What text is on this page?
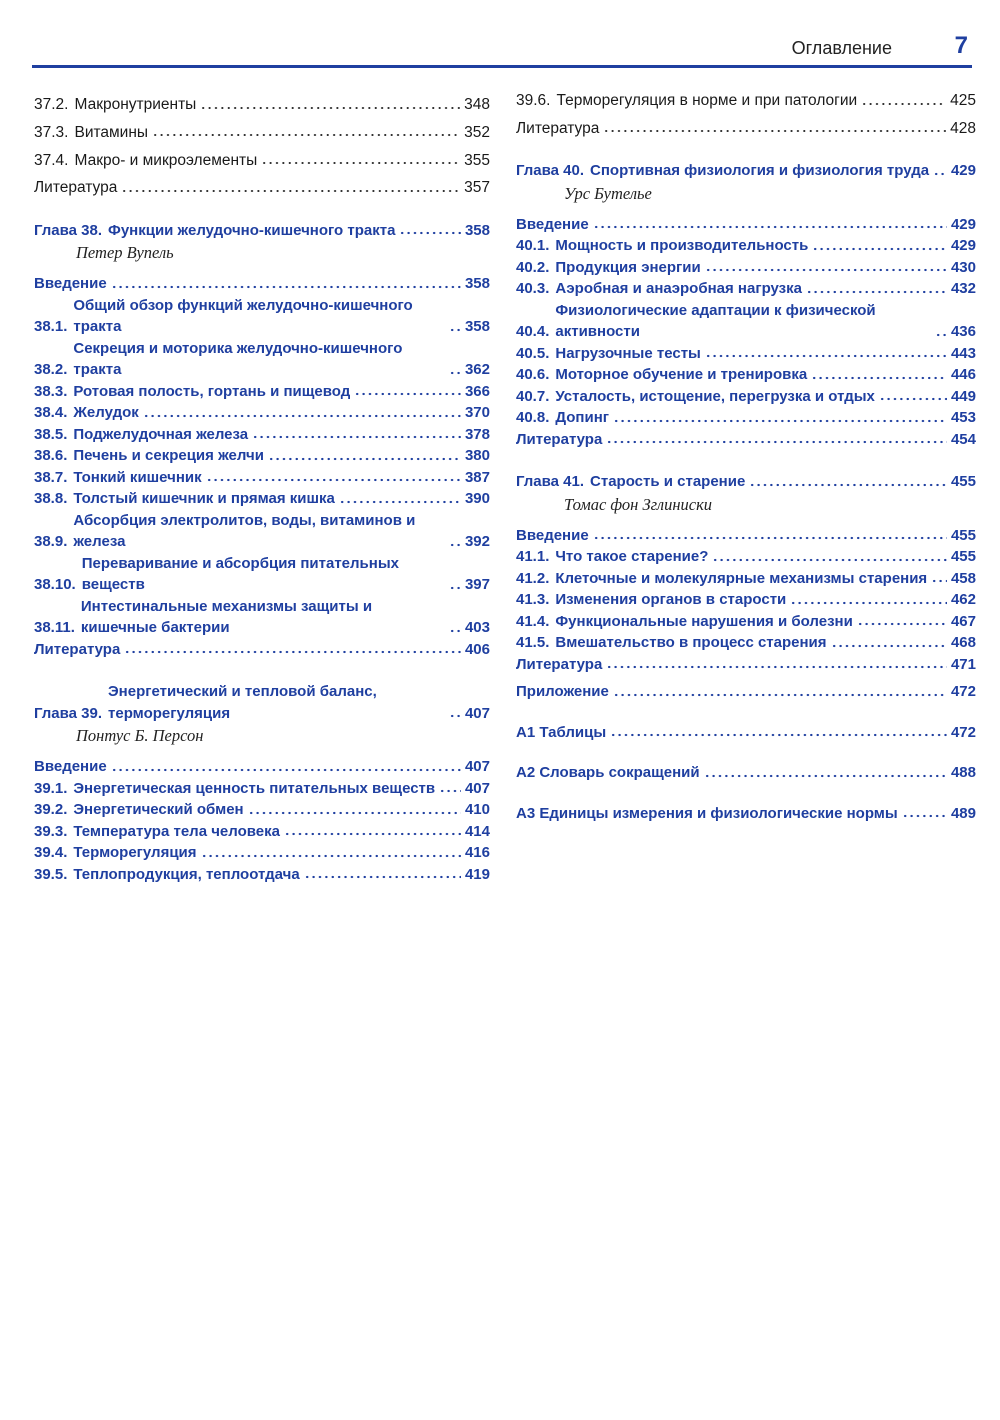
Оглавление	7
37.2. Макронутриенты	348
37.3. Витамины	352
37.4. Макро- и микроэлементы	355
Литература	357
Глава 38. Функции желудочно-кишечного тракта	358
Петер Вупель
Введение	358
38.1.
Общий обзор функций желудочно-кишечного тракта	358
38.2.
Секреция и моторика желудочно-кишечного тракта	362
38.3. Ротовая полость, гортань и пищевод	366
38.4. Желудок	370
38.5. Поджелудочная железа	378
38.6. Печень и секреция желчи	380
38.7. Тонкий кишечник	387
38.8. Толстый кишечник и прямая кишка	390
38.9.
Абсорбция электролитов, воды, витаминов и железа	392
38.10.
Переваривание и абсорбция питательных веществ	397
38.11.
Интестинальные механизмы защиты и кишечные бактерии	403
Литература	406
Глава 39.
Энергетический и тепловой баланс, терморегуляция	407
Понтус Б. Персон
Введение	407
39.1. Энергетическая ценность питательных веществ 407
39.2. Энергетический обмен	410
39.3. Температура тела человека	414
39.4. Терморегуляция	416
39.5. Теплопродукция, теплоотдача	419
39.6. Терморегуляция в норме и при патологии	425
Литература	428
Глава 40. Спортивная физиология и физиология труда 429
Урс Бутелье
Введение	429
40.1. Мощность и производительность	429
40.2. Продукция энергии	430
40.3. Аэробная и анаэробная нагрузка	432
40.4.
Физиологические адаптации к физической активности	436
40.5. Нагрузочные тесты	443
40.6. Моторное обучение и тренировка	446
40.7. Усталость, истощение, перегрузка и отдых	449
40.8. Допинг	453
Литература	454
Глава 41. Старость и старение	455
Томас фон Зглиниски
Введение	455
41.1. Что такое старение?	455
41.2. Клеточные и молекулярные механизмы старения 458
41.3. Изменения органов в старости	462
41.4. Функциональные нарушения и болезни	467
41.5. Вмешательство в процесс старения	468
Литература	471
Приложение	472
А1 Таблицы	472
А2 Словарь сокращений	488
А3 Единицы измерения и физиологические нормы	489
